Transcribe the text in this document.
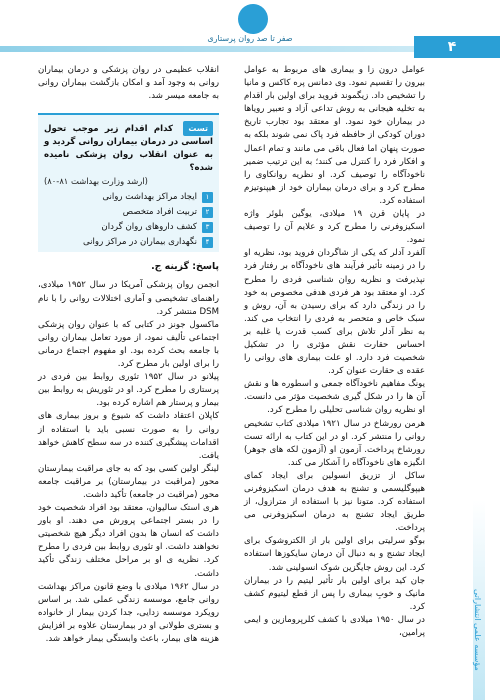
۴
صفر تا صد روان پرستاری

عوامل درون زا و بیماری های مربوط به عوامل بیرون را تقسیم نمود. وی دمانس پره کاکس و مانیا را تشخیص داد. زیگموند فروید برای اولین بار اقدام به تخلیه هیجانی به روش تداعی آزاد و تعبیر رویاها در بیماران خود نمود. او معتقد بود تجارب تاریخ دوران کودکی از حافظه فرد پاک نمی شوند بلکه به صورت پنهان اما فعال باقی می مانند و تمام اعمال و افکار فرد را کنترل می کنند؛ به این ترتیب ضمیر ناخودآگاه را توصیف کرد. او نظریه روانکاوی را مطرح کرد و برای درمان بیماران خود از هیپنوتیزم استفاده کرد.

در پایان قرن ۱۹ میلادی، یوگین بلوئر واژه اسکیزوفرنی را مطرح کرد و علایم آن را توصیف نمود.

آلفرد آدلر که یکی از شاگردان فروید بود، نظریه او را در زمینه تأثیر فرآیند های ناخودآگاه بر رفتار فرد نپذیرفت و نظریه روان شناسی فردی را مطرح کرد. او معتقد بود هر فردی هدفی مخصوص به خود را در زندگی دارد که برای رسیدن به آن، روش و سبک خاص و متحصر به فردی را انتخاب می کند. به نظر آدلر تلاش برای کسب قدرت یا غلبه بر احساس حقارت نقش مؤثری را در تشکیل شخصیت فرد دارد. او علت بیماری های روانی را عقده ی حقارت عنوان کرد.

یونگ مفاهیم ناخودآگاه جمعی و اسطوره ها و نقش آن ها را در شکل گیری شخصیت مؤثر می دانست. او نظریه روان شناسی تحلیلی را مطرح کرد.

هرمن رورشاخ در سال ۱۹۲۱ میلادی کتاب تشخیص روانی را منتشر کرد. او در این کتاب به ارائه تست رورشاخ پرداخت. آزمون او (آزمون لکه های جوهر) انگیزه های ناخودآگاه را آشکار می کند.

ساکل از تزریق انسولین برای ایجاد کمای هیپوگلیسمی و تشنج به هدف درمان اسکیزوفرنی استفاده کرد. متونا نیز با استفاده از مترازول، از طریق ایجاد تشنج به درمان اسکیزوفرنی می پرداخت.

بوگو سرلیتی برای اولین بار از الکتروشوک برای ایجاد تشنج و به دنبال آن درمان سایکوزها استفاده کرد. این روش جایگزین شوک انسولینی شد.

جان کید برای اولین بار تأثیر لیتیم را در بیماران مانیک و خوبِ بیماری را پس از قطع لیتیوم کشف کرد.

در سال ۱۹۵۰ میلادی با کشف کلرپرومازین و ایمی پرامین،

انقلاب عظیمی در روان پزشکی و درمان بیماران روانی به وجود آمد و امکان بازگشت بیماران روانی به جامعه میسر شد.

تست کدام اقدام زیر موجب تحول اساسی در درمان بیماران روانی گردید و به عنوان انقلاب روان پزشکی نامیده شده؟
(ارشد وزارت بهداشت ۸۱-۸۰)
۱
ایجاد مراکز بهداشت روانی
۲
تربیت افراد متخصص
۳
کشف داروهای روان گردان
۴
نگهداری بیماران در مراکز روانی
پاسخ: گزینه ج.

انجمن روان پزشکی آمریکا در سال ۱۹۵۲ میلادی، راهنمای تشخیصی و آماری اختلالات روانی را با نام DSM منتشر کرد.

ماکسول جونز در کتابی که با عنوان روان پزشکی اجتماعی تألیف نمود، از مورد تعامل بیماران روانی با جامعه بحث کرده بود. او مفهوم اجتماع درمانی را برای اولین بار مطرح کرد.

پیلانو در سال ۱۹۵۲ تئوری روابط بین فردی در پرستاری را مطرح کرد. او در تئوریش به روابط بین بیمار و پرستار هم اشاره کرده بود.

کاپلان اعتقاد داشت که شیوع و بروز بیماری های روانی را به صورت نسبی باید با استفاده از اقدامات پیشگیری کننده در سه سطح کاهش خواهد یافت.

لینگر اولین کسی بود که به جای مراقبت بیمارستان محور (مراقبت در بیمارستان) بر مراقبت جامعه محور (مراقبت در جامعه) تأکید داشت.

هری استک سالیوان، معتقد بود افراد شخصیت خود را در بستر اجتماعی پرورش می دهند. او باور داشت که انسان ها بدون افراد دیگر هیچ شخصیتی نخواهند داشت. او تئوری روابط بین فردی را مطرح کرد. نظریه ی او بر مراحل مختلف زندگی تأکید داشت.

در سال ۱۹۶۲ میلادی با وضع قانون مراکز بهداشت روانی جامع، موسسه زندگی عملی شد. بر اساس رویکرد موسسه زدایی، جدا کردن بیمار از خانواده و بستری طولانی او در بیمارستان علاوه بر افزایش هزینه های بیمار، باعث وابستگی بیمار خواهد شد.	مؤسسه علمی انتشاراتی
